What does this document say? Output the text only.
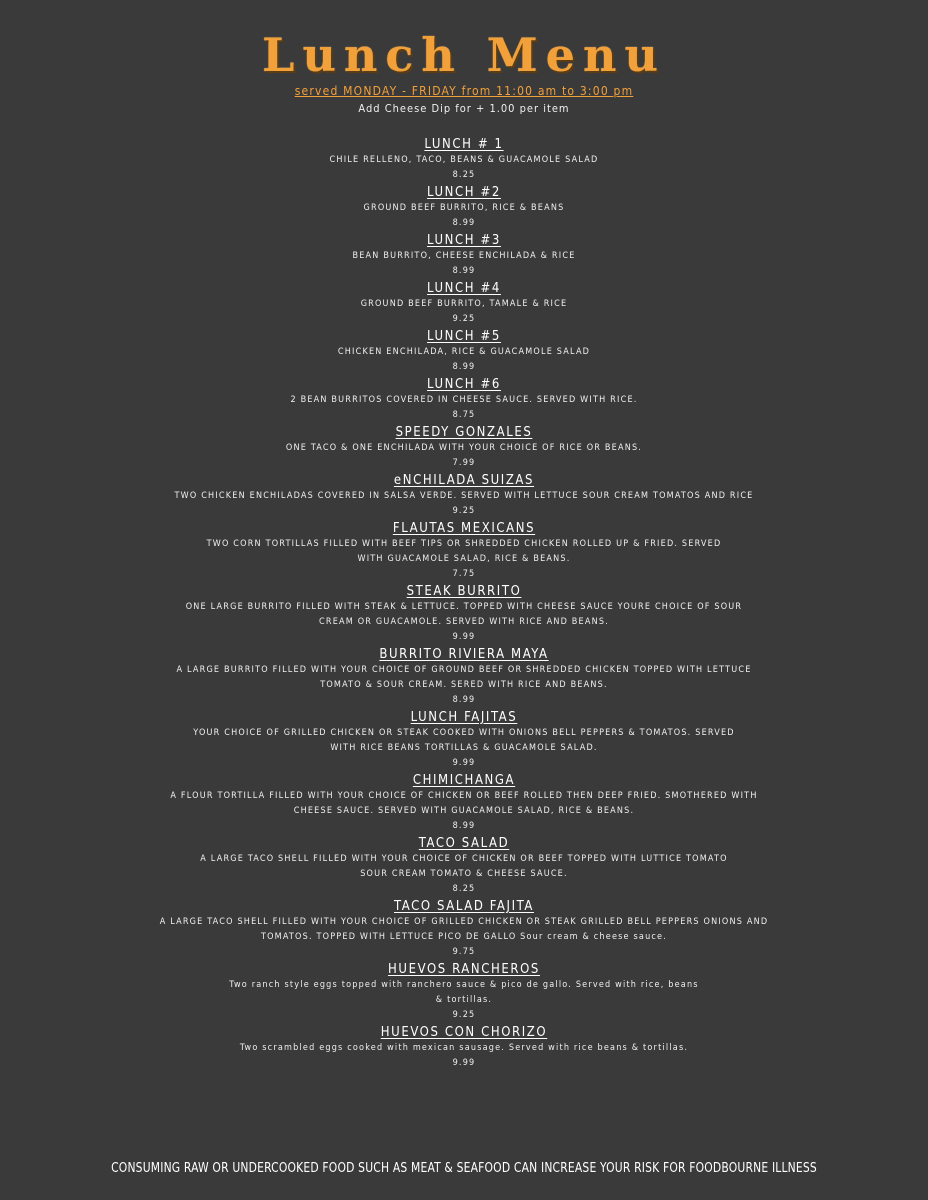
Lunch Menu
served MONDAY - FRIDAY from 11:00 am to 3:00 pm
Add Cheese Dip for + 1.00 per item
LUNCH # 1
CHILE RELLENO, TACO, BEANS & GUACAMOLE SALAD
8.25
LUNCH #2
GROUND BEEF BURRITO, RICE & BEANS
8.99
LUNCH #3
BEAN BURRITO, CHEESE ENCHILADA & RICE
8.99
LUNCH #4
GROUND BEEF BURRITO, TAMALE & RICE
9.25
LUNCH #5
CHICKEN ENCHILADA, RICE & GUACAMOLE SALAD
8.99
LUNCH #6
2 BEAN BURRITOS COVERED IN CHEESE SAUCE. SERVED WITH RICE.
8.75
SPEEDY GONZALES
ONE TACO & ONE ENCHILADA WITH YOUR CHOICE OF RICE OR BEANS.
7.99
eNCHILADA SUIZAS
TWO CHICKEN ENCHILADAS COVERED IN SALSA VERDE. SERVED WITH LETTUCE SOUR CREAM TOMATOS AND RICE
9.25
FLAUTAS MEXICANS
TWO CORN TORTILLAS FILLED WITH BEEF TIPS OR SHREDDED CHICKEN ROLLED UP & FRIED. SERVED
WITH GUACAMOLE SALAD, RICE & BEANS.
7.75
STEAK BURRITO
ONE LARGE BURRITO FILLED WITH STEAK & LETTUCE. TOPPED WITH CHEESE SAUCE YOURE CHOICE OF SOUR
CREAM OR GUACAMOLE. SERVED WITH RICE AND BEANS.
9.99
BURRITO RIVIERA MAYA
A LARGE BURRITO FILLED WITH YOUR CHOICE OF GROUND BEEF OR SHREDDED CHICKEN TOPPED WITH LETTUCE
TOMATO & SOUR CREAM. SERED WITH RICE AND BEANS.
8.99
LUNCH FAJITAS
YOUR CHOICE OF GRILLED CHICKEN OR STEAK COOKED WITH ONIONS BELL PEPPERS & TOMATOS. SERVED
WITH RICE BEANS TORTILLAS & GUACAMOLE SALAD.
9.99
CHIMICHANGA
A FLOUR TORTILLA FILLED WITH YOUR CHOICE OF CHICKEN OR BEEF ROLLED THEN DEEP FRIED. SMOTHERED WITH
CHEESE SAUCE. SERVED WITH GUACAMOLE SALAD, RICE & BEANS.
8.99
TACO SALAD
A LARGE TACO SHELL FILLED WITH YOUR CHOICE OF CHICKEN OR BEEF TOPPED WITH LUTTICE TOMATO
SOUR CREAM TOMATO & CHEESE SAUCE.
8.25
TACO SALAD FAJITA
A LARGE TACO SHELL FILLED WITH YOUR CHOICE OF GRILLED CHICKEN OR STEAK GRILLED BELL PEPPERS ONIONS AND
TOMATOS. TOPPED WITH LETTUCE PICO DE GALLO Sour cream & cheese sauce.
9.75
HUEVOS RANCHEROS
Two ranch style eggs topped with ranchero sauce & pico de gallo. Served with rice, beans
& tortillas.
9.25
HUEVOS CON CHORIZO
Two scrambled eggs cooked with mexican sausage. Served with rice beans & tortillas.
9.99
CONSUMING RAW OR UNDERCOOKED FOOD SUCH AS MEAT & SEAFOOD CAN INCREASE YOUR RISK FOR FOODBOURNE ILLNESS
